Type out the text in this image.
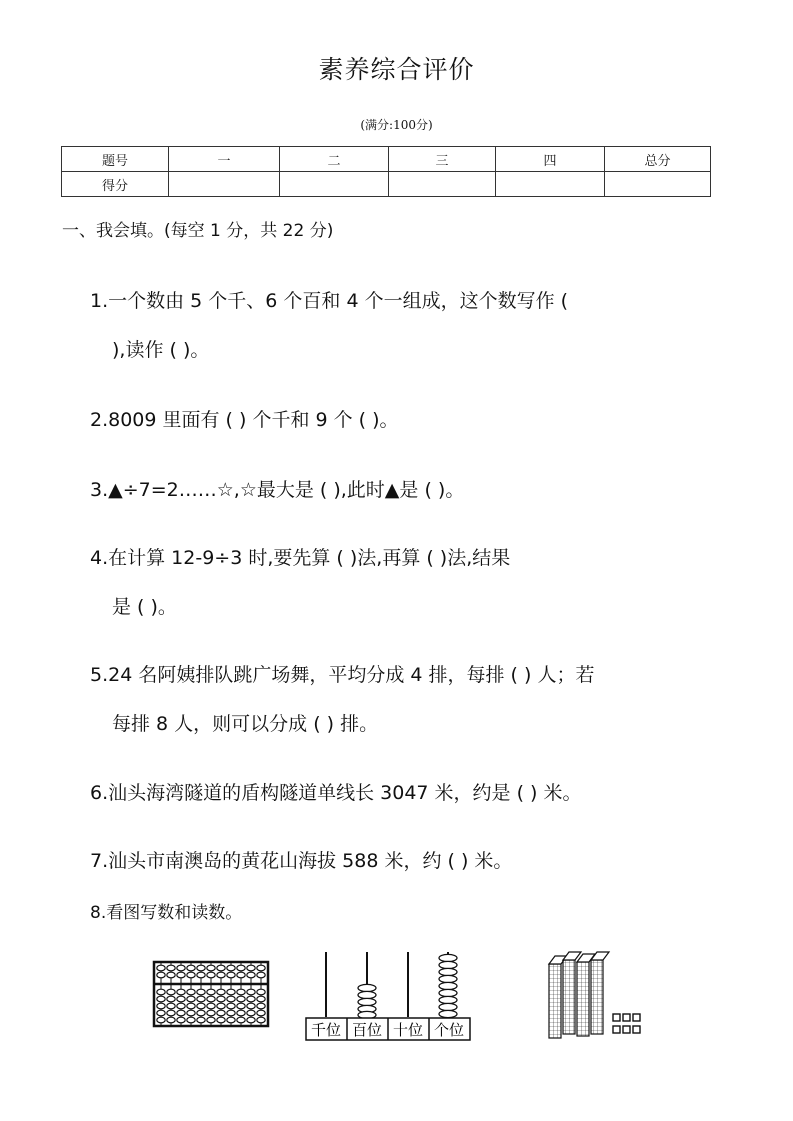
素养综合评价
(满分:100分)
题号	一	二	三	四	总分
得分					
一、我会填。(每空 1 分，共 22 分)
1.一个数由 5 个千、6 个百和 4 个一组成，这个数写作 (
),读作 ( )。
2.8009 里面有 ( ) 个千和 9 个 ( )。
3.▲÷7=2……☆,☆最大是 ( ),此时▲是 ( )。
4.在计算 12-9÷3 时,要先算 ( )法,再算 ( )法,结果
是 ( )。
5.24 名阿姨排队跳广场舞，平均分成 4 排，每排 ( ) 人；若
每排 8 人，则可以分成 ( ) 排。
6.汕头海湾隧道的盾构隧道单线长 3047 米，约是 ( ) 米。
7.汕头市南澳岛的黄花山海拔 588 米，约 ( ) 米。
8.看图写数和读数。
千位 百位 十位 个位
